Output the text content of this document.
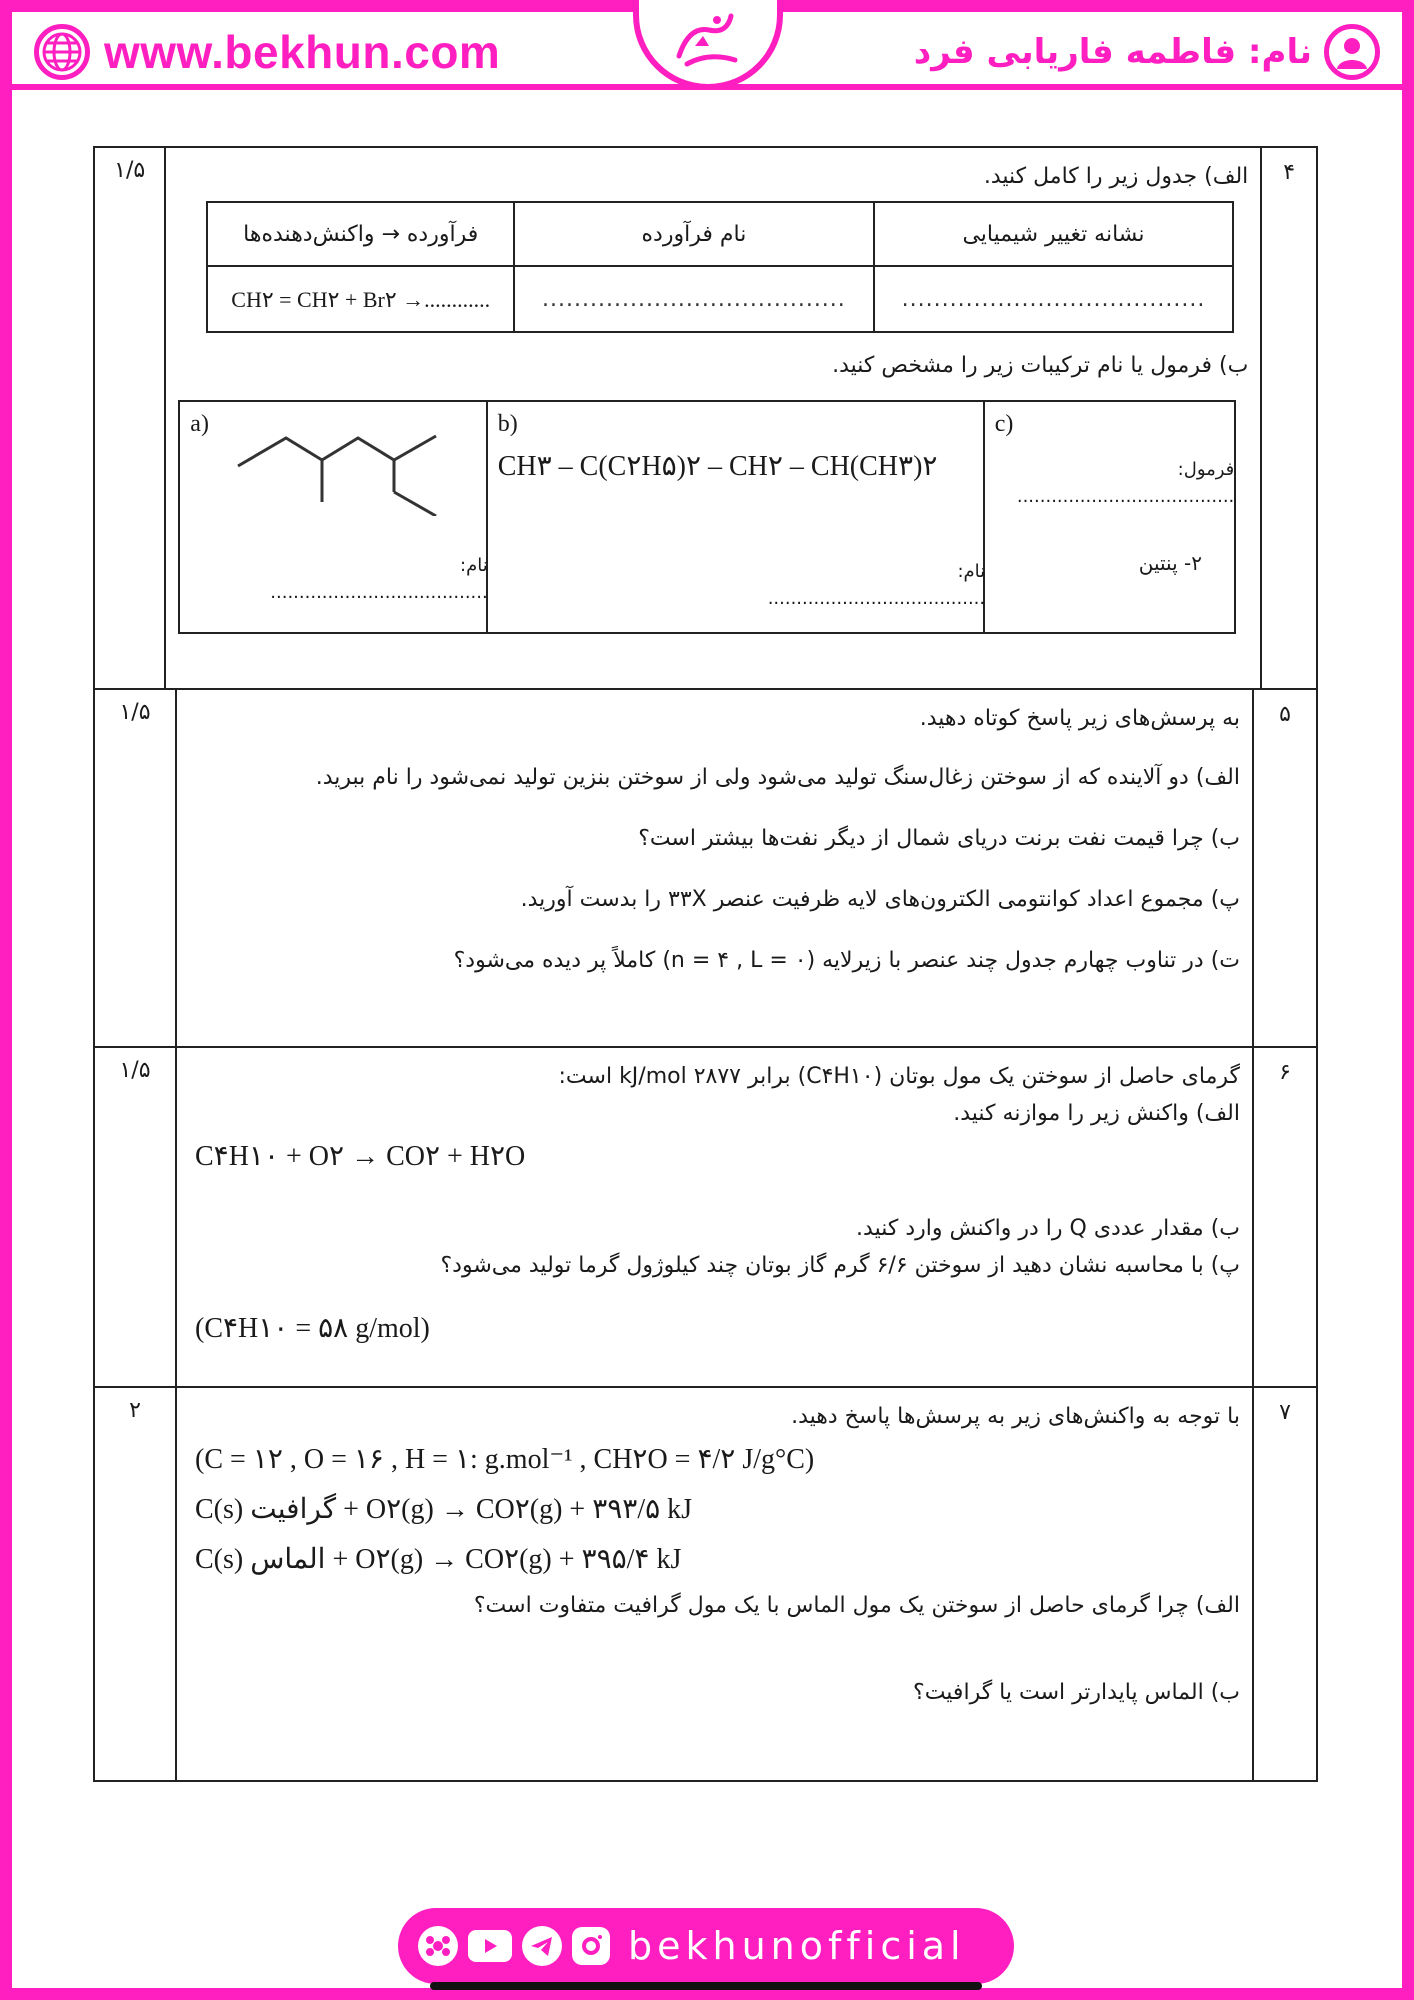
www.bekhun.com	نام: فاطمه فاریابی فرد
۴
الف) جدول زیر را کامل کنید.
نشانه تغییر شیمیایی	نام فرآورده	فرآورده → واکنش‌دهنده‌ها
......................................	......................................	CH۲ = CH۲ + Br۲ →............
ب) فرمول یا نام ترکیبات زیر را مشخص کنید.
a)
نام: ......................................

b)
CH۳ – C(C۲H۵)۲ – CH۲ – CH(CH۳)۲
نام: ......................................

c)
فرمول: ......................................
۲- پنتین
۱/۵
۵
به پرسش‌های زیر پاسخ کوتاه دهید.
الف) دو آلاینده که از سوختن زغال‌سنگ تولید می‌شود ولی از سوختن بنزین تولید نمی‌شود را نام ببرید.
ب) چرا قیمت نفت برنت دریای شمال از دیگر نفت‌ها بیشتر است؟
پ) مجموع اعداد کوانتومی الکترون‌های لایه ظرفیت عنصر ۳۳X را بدست آورید.
ت) در تناوب چهارم جدول چند عنصر با زیرلایه (n = ۴ , L = ۰) کاملاً پر دیده می‌شود؟
۱/۵
۶
گرمای حاصل از سوختن یک مول بوتان (C۴H۱۰) برابر ۲۸۷۷ kJ/mol است:
الف) واکنش زیر را موازنه کنید.
C۴H۱۰ + O۲ → CO۲ + H۲O
ب) مقدار عددی Q را در واکنش وارد کنید.
پ) با محاسبه نشان دهید از سوختن ۶/۶ گرم گاز بوتان چند کیلوژول گرما تولید می‌شود؟
(C۴H۱۰ = ۵۸ g/mol)
۱/۵
۷
با توجه به واکنش‌های زیر به پرسش‌ها پاسخ دهید.
(C = ۱۲ , O = ۱۶ , H = ۱: g.mol⁻¹ , CH۲O = ۴/۲ J/g°C)
C(s) گرافیت + O۲(g) → CO۲(g) + ۳۹۳/۵ kJ
C(s) الماس + O۲(g) → CO۲(g) + ۳۹۵/۴ kJ
الف) چرا گرمای حاصل از سوختن یک مول الماس با یک مول گرافیت متفاوت است؟
ب) الماس پایدارتر است یا گرافیت؟
۲
bekhunofficial
